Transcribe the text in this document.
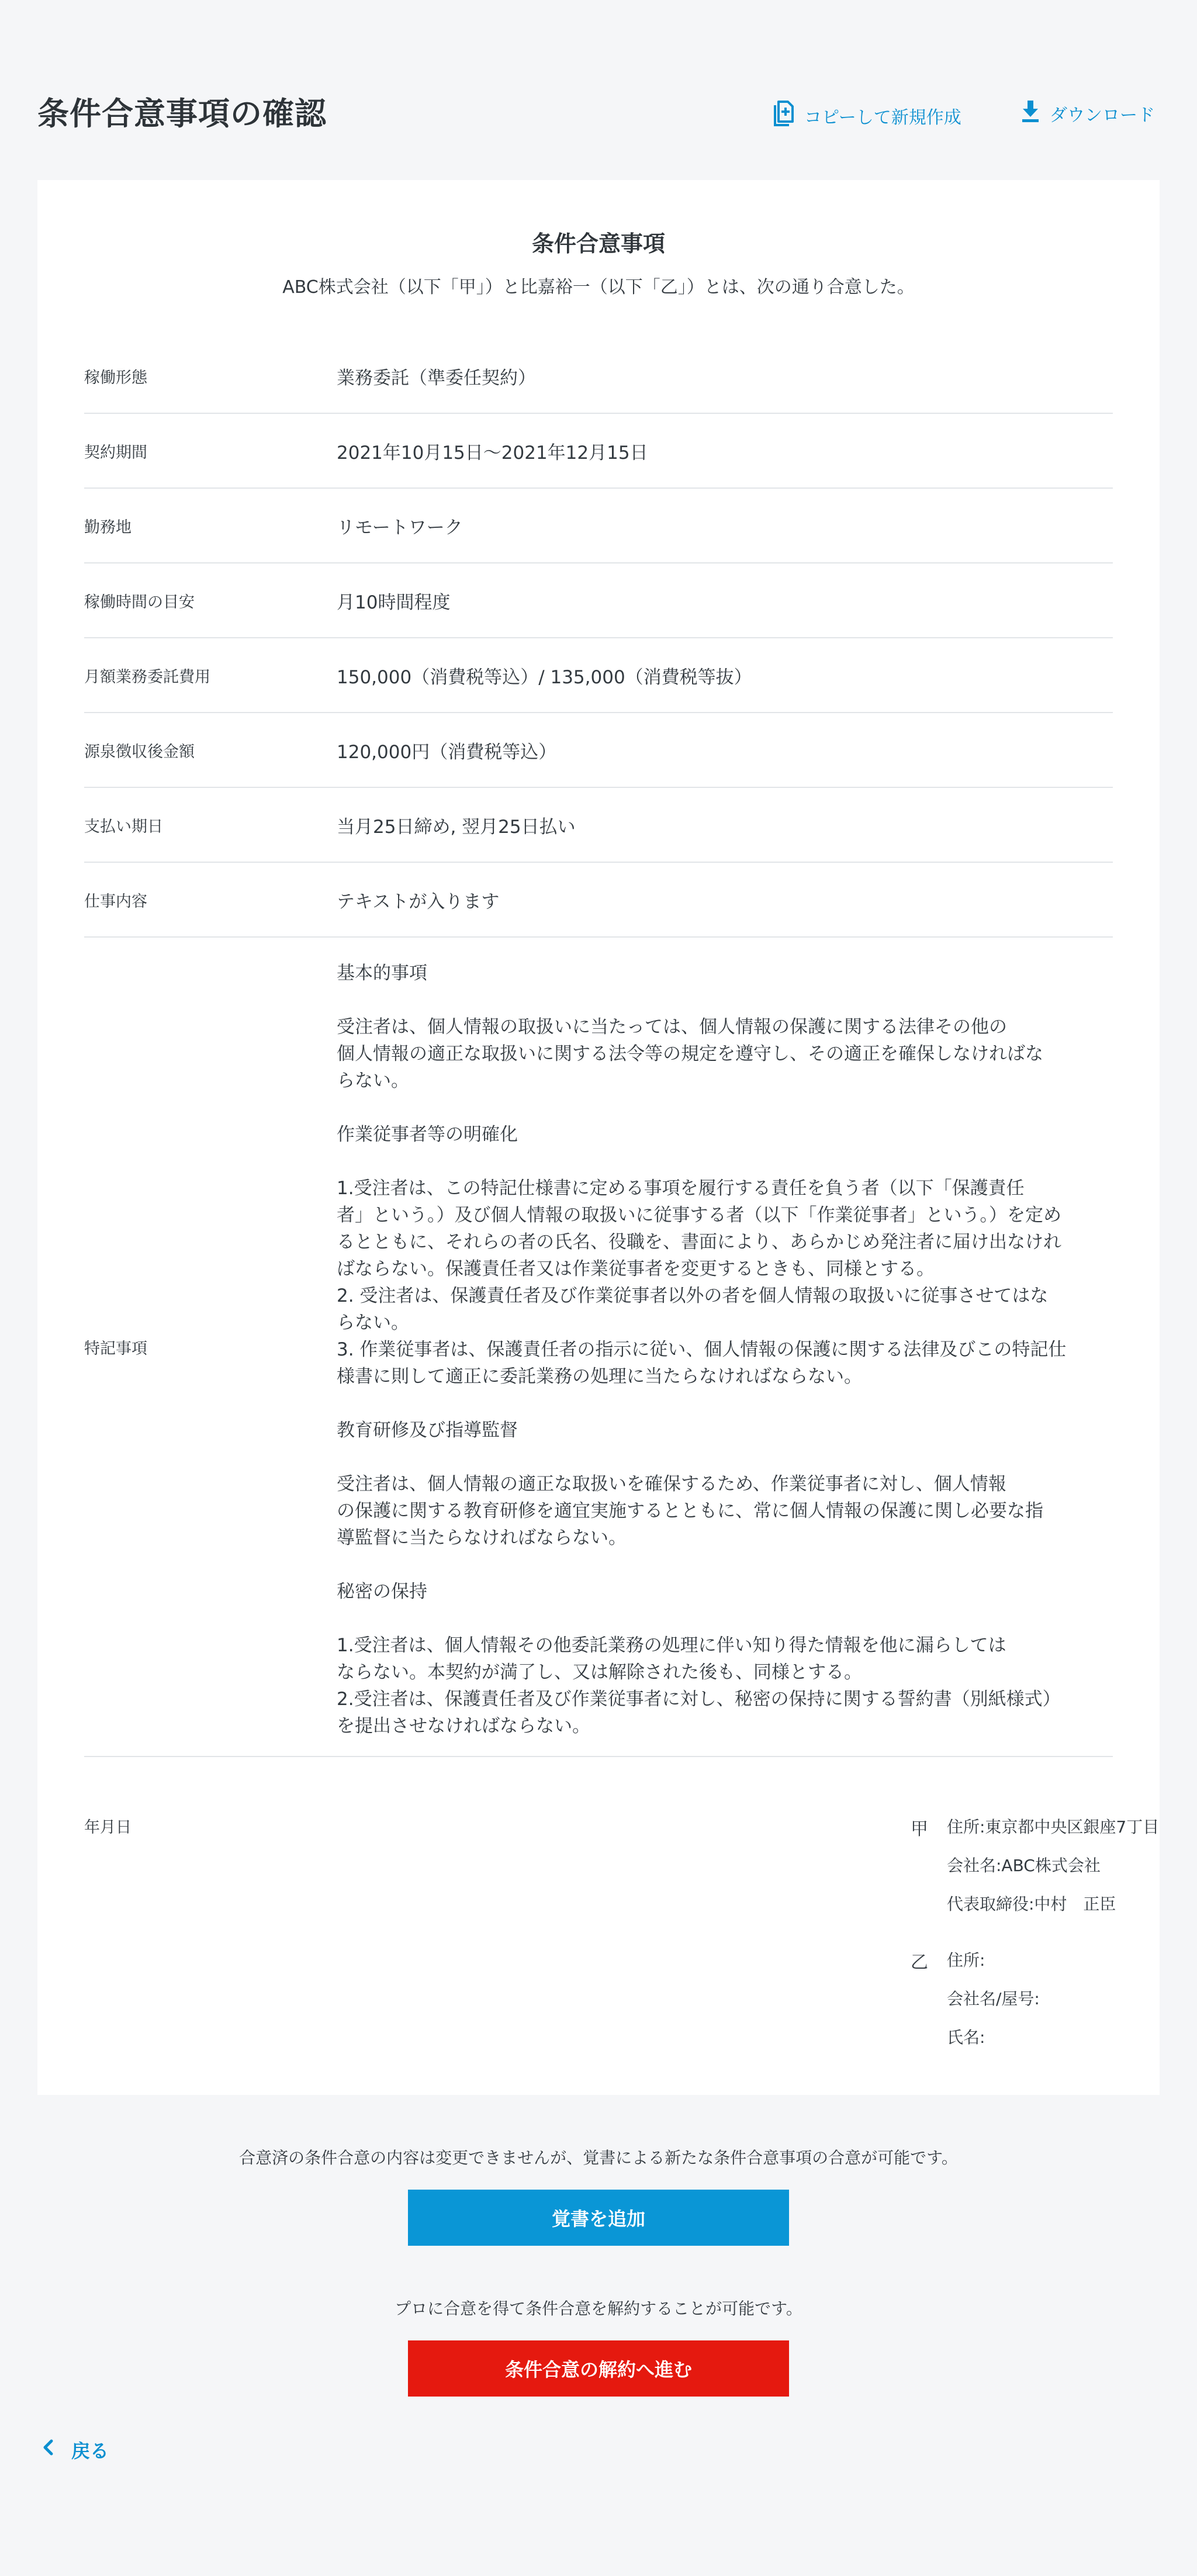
条件合意事項の確認	コピーして新規作成	ダウンロード
条件合意事項
ABC株式会社（以下「甲」）と比嘉裕一（以下「乙」）とは、次の通り合意した。
稼働形態	業務委託（準委任契約）
契約期間	2021年10月15日〜2021年12月15日
勤務地	リモートワーク
稼働時間の目安	月10時間程度
月額業務委託費用	150,000（消費税等込）/ 135,000（消費税等抜）
源泉徴収後金額	120,000円（消費税等込）
支払い期日	当月25日締め, 翌月25日払い
仕事内容	テキストが入ります
特記事項
基本的事項

受注者は、個人情報の取扱いに当たっては、個人情報の保護に関する法律その他の
個人情報の適正な取扱いに関する法令等の規定を遵守し、その適正を確保しなければな
らない。

作業従事者等の明確化

1.受注者は、この特記仕様書に定める事項を履行する責任を負う者（以下「保護責任
者」という。）及び個人情報の取扱いに従事する者（以下「作業従事者」という。）を定め
るとともに、それらの者の氏名、役職を、書面により、あらかじめ発注者に届け出なけれ
ばならない。保護責任者又は作業従事者を変更するときも、同様とする。
2. 受注者は、保護責任者及び作業従事者以外の者を個人情報の取扱いに従事させてはな
らない。
3. 作業従事者は、保護責任者の指示に従い、個人情報の保護に関する法律及びこの特記仕
様書に則して適正に委託業務の処理に当たらなければならない。

教育研修及び指導監督

受注者は、個人情報の適正な取扱いを確保するため、作業従事者に対し、個人情報
の保護に関する教育研修を適宜実施するとともに、常に個人情報の保護に関し必要な指
導監督に当たらなければならない。

秘密の保持

1.受注者は、個人情報その他委託業務の処理に伴い知り得た情報を他に漏らしては
ならない。本契約が満了し、又は解除された後も、同様とする。
2.受注者は、保護責任者及び作業従事者に対し、秘密の保持に関する誓約書（別紙様式）
を提出させなければならない。
年月日	甲 住所:東京都中央区銀座7丁目
会社名:ABC株式会社
代表取締役:中村　正臣
乙 住所:
会社名/屋号:
氏名:
合意済の条件合意の内容は変更できませんが、覚書による新たな条件合意事項の合意が可能です。
覚書を追加
プロに合意を得て条件合意を解約することが可能です。
条件合意の解約へ進む
戻る
